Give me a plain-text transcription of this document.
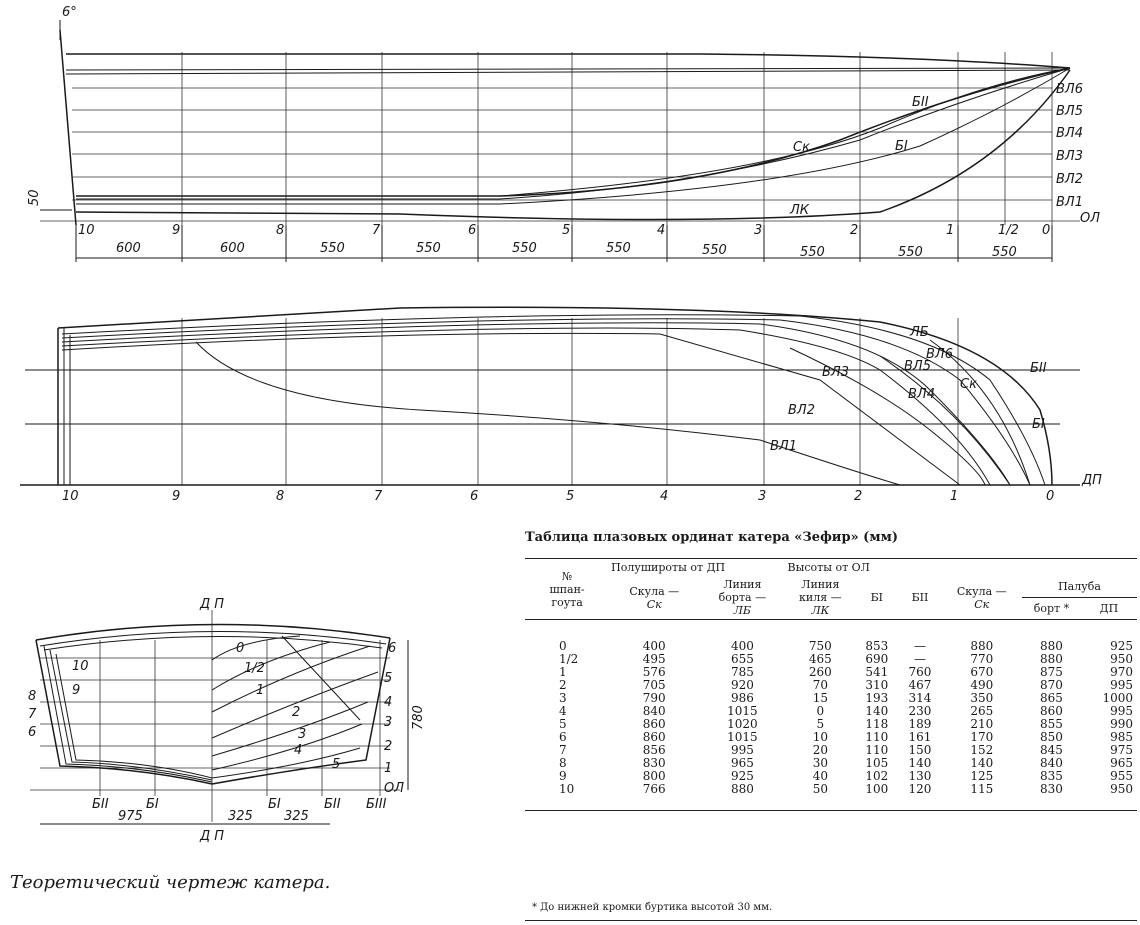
6°
50
ВЛ6
ВЛ5
ВЛ4
ВЛ3
ВЛ2
ВЛ1
ОЛ
БII
БI
Ск
ЛК
10	9	8	7	6	5	4	3	2	1	1/2 0
600	600	550	550	550	550	550	550	550	550
ЛБ
ВЛ6
ВЛ5
Ск
ВЛ3
ВЛ4
ВЛ2
ВЛ1
БII
БI
ДП
10	9	8	7	6	5	4	3	2	1	0
Д П
Д П
10
9
8
7
6
0
1/2
1
2
3
4
5
6
5
4
3
2
1
ОЛ
780
БII	БI	БI	БII БIII
975	325 325
Теоретический чертеж катера.
Таблица плазовых ординат катера «Зефир» (мм)
№
шпан-
гоута	Полушироты от ДП		Высоты от ОЛ					

	Скула —
Ск	Линия
борта —
ЛБ	Линия
киля —
ЛК	БI	БII	Скула —
Ск	Палуба	
							борт *	ДП
0	400	400	750	853	—	880	880	925
1/2	495	655	465	690	—	770	880	950
1	576	785	260	541	760	670	875	970
2	705	920	70	310	467	490	870	995
3	790	986	15	193	314	350	865	1000
4	840	1015	0	140	230	265	860	995
5	860	1020	5	118	189	210	855	990
6	860	1015	10	110	161	170	850	985
7	856	995	20	110	150	152	845	975
8	830	965	30	105	140	140	840	965
9	800	925	40	102	130	125	835	955
10	766	880	50	100	120	115	830	950
* До нижней кромки буртика высотой 30 мм.
